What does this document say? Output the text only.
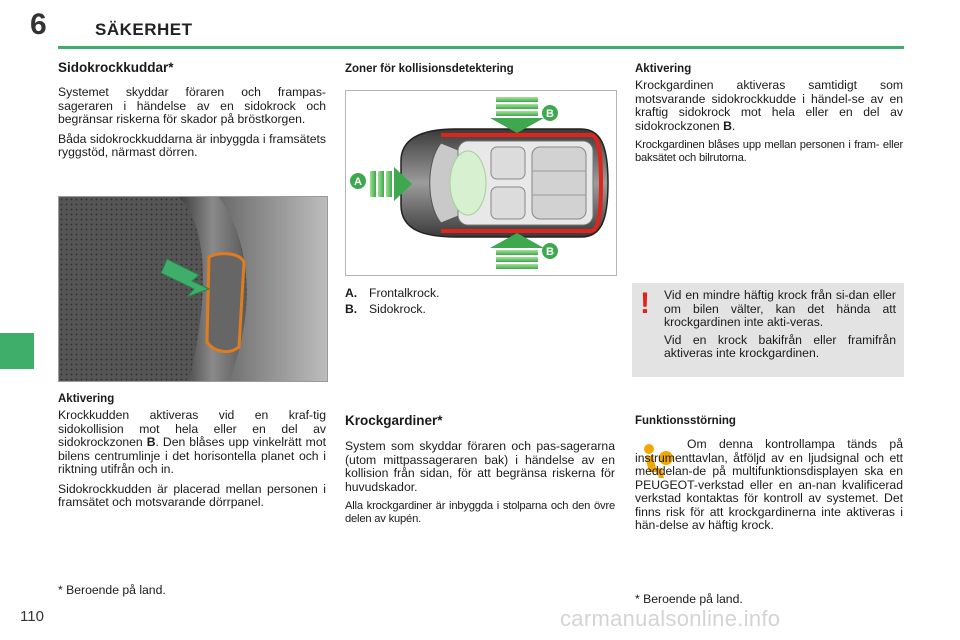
6	SÄKERHET
Sidokrockkuddar*

Systemet skyddar föraren och frampas-sageraren i händelse av en sidokrock och begränsar riskerna för skador på bröstkorgen.

Båda sidokrockkuddarna är inbyggda i framsätets ryggstöd, närmast dörren.

Aktivering

Krockkudden aktiveras vid en kraf-tig sidokollision mot hela eller en del av sidokrockzonen B. Den blåses upp vinkelrätt mot bilens centrumlinje i det horisontella planet och i riktning utifrån och in.

Sidokrockkudden är placerad mellan personen i framsätet och motsvarande dörrpanel.

* Beroende på land.
Zoner för kollisionsdetektering
A
B
B
A. Frontalkrock.
B. Sidokrock.
Krockgardiner*

System som skyddar föraren och pas-sagerarna (utom mittpassageraren bak) i händelse av en kollision från sidan, för att begränsa riskerna för huvudskador.

Alla krockgardiner är inbyggda i stolparna och den övre delen av kupén.

Aktivering

Krockgardinen aktiveras samtidigt som motsvarande sidokrockkudde i händel-se av en kraftig sidokrock mot hela eller en del av sidokrockzonen B.

Krockgardinen blåses upp mellan personen i fram- eller baksätet och bilrutorna.

! Vid en mindre häftig krock från si-dan eller om bilen välter, kan det hända att krockgardinen inte akti-veras.

Vid en krock bakifrån eller framifrån aktiveras inte krockgardinen.

Funktionsstörning

Om denna kontrollampa tänds på instrumenttavlan, åtföljd av en ljudsignal och ett meddelan-de på multifunktionsdisplayen ska en PEUGEOT-verkstad eller en an-nan kvalificerad verkstad kontaktas för kontroll av systemet. Det finns risk för att krockgardinerna inte aktiveras i hän-delse av häftig krock.

* Beroende på land.
110	carmanualsonline.info
